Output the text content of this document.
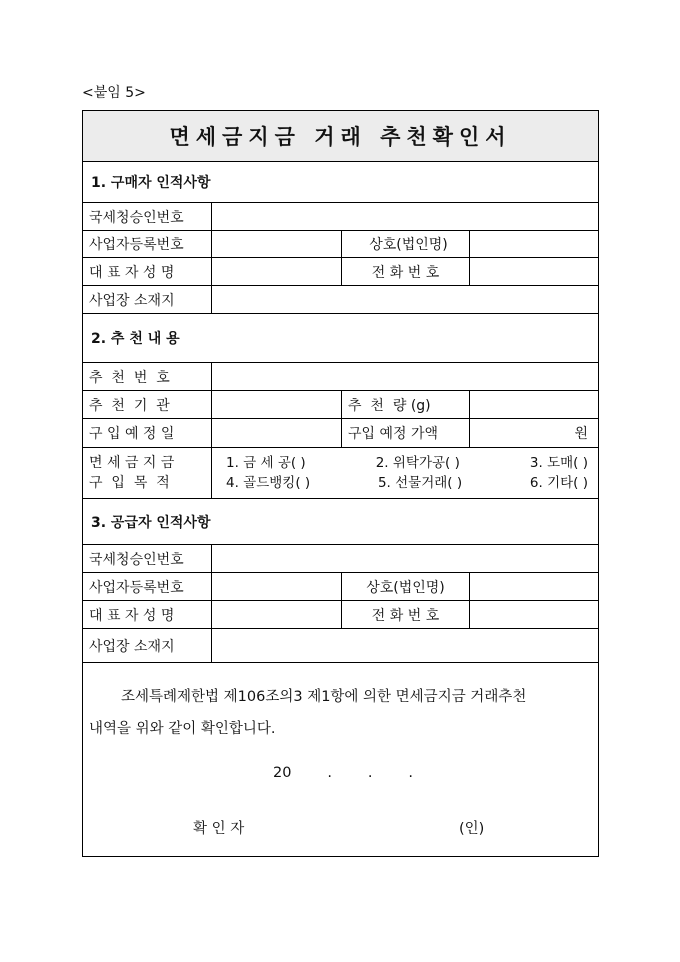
<붙임 5>
면세금지금 거래 추천확인서
1. 구매자 인적사항
국세청승인번호
사업자등록번호	상호(법인명)
대 표 자 성 명	전 화 번 호
사업장 소재지
2. 추 천 내 용
추  천  번  호
추  천  기  관	추  천  량 (g)
구 입 예 정 일	구입 예정 가액	원
면 세 금 지 금
구  입  목  적
1. 금 세 공( )	2. 위탁가공( )	3. 도매( )
4. 골드뱅킹( )	5. 선물거래( )	6. 기타( )
3. 공급자 인적사항
국세청승인번호
사업자등록번호	상호(법인명)
대 표 자 성 명	전 화 번 호
사업장 소재지
조세특례제한법 제106조의3 제1항에 의한 면세금지금 거래추천
내역을 위와 같이 확인합니다.
20 . . .
확 인 자	(인)
